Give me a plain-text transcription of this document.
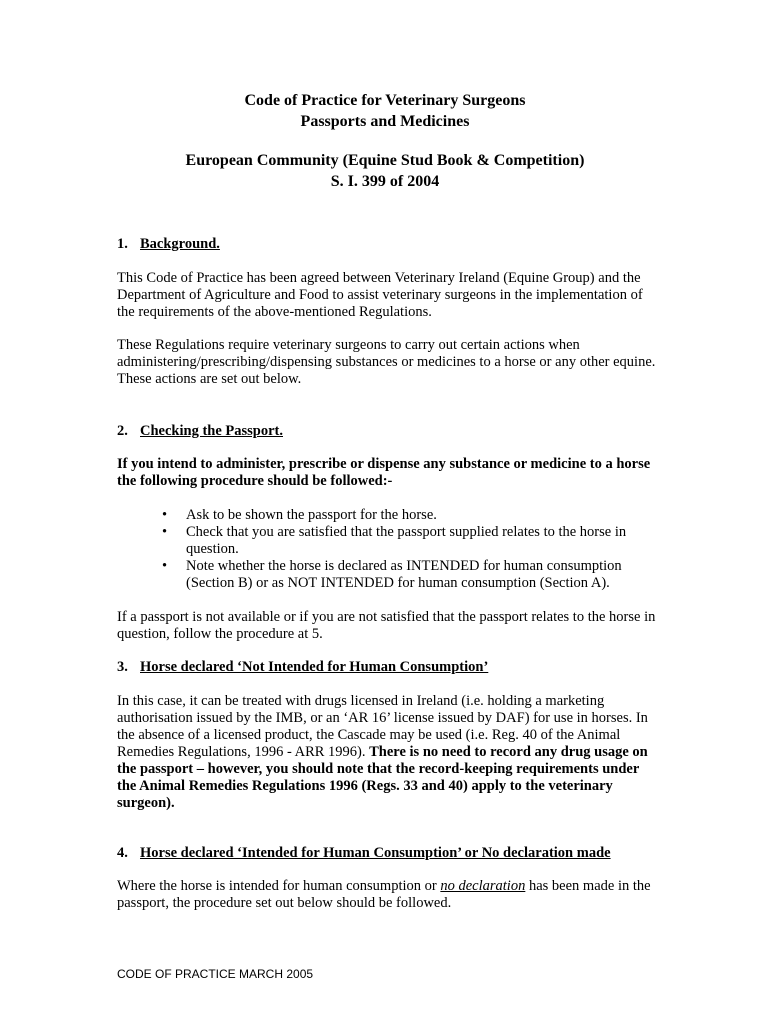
Code of Practice for Veterinary Surgeons
Passports and Medicines
European Community (Equine Stud Book & Competition)
S. I. 399 of 2004
1. Background.

This Code of Practice has been agreed between Veterinary Ireland (Equine Group) and the Department of Agriculture and Food to assist veterinary surgeons in the implementation of the requirements of the above-mentioned Regulations.

These Regulations require veterinary surgeons to carry out certain actions when administering/prescribing/dispensing substances or medicines to a horse or any other equine. These actions are set out below.

2. Checking the Passport.

If you intend to administer, prescribe or dispense any substance or medicine to a horse the following procedure should be followed:-

• Ask to be shown the passport for the horse.
• Check that you are satisfied that the passport supplied relates to the horse in question.
• Note whether the horse is declared as INTENDED for human consumption (Section B) or as NOT INTENDED for human consumption (Section A).

If a passport is not available or if you are not satisfied that the passport relates to the horse in question, follow the procedure at 5.

3. Horse declared ‘Not Intended for Human Consumption’

In this case, it can be treated with drugs licensed in Ireland (i.e. holding a marketing authorisation issued by the IMB, or an ‘AR 16’ license issued by DAF) for use in horses. In the absence of a licensed product, the Cascade may be used (i.e. Reg. 40 of the Animal Remedies Regulations, 1996 - ARR 1996). There is no need to record any drug usage on the passport – however, you should note that the record-keeping requirements under the Animal Remedies Regulations 1996 (Regs. 33 and 40) apply to the veterinary surgeon).

4. Horse declared ‘Intended for Human Consumption’ or No declaration made

Where the horse is intended for human consumption or no declaration has been made in the passport, the procedure set out below should be followed.

CODE OF PRACTICE MARCH 2005
